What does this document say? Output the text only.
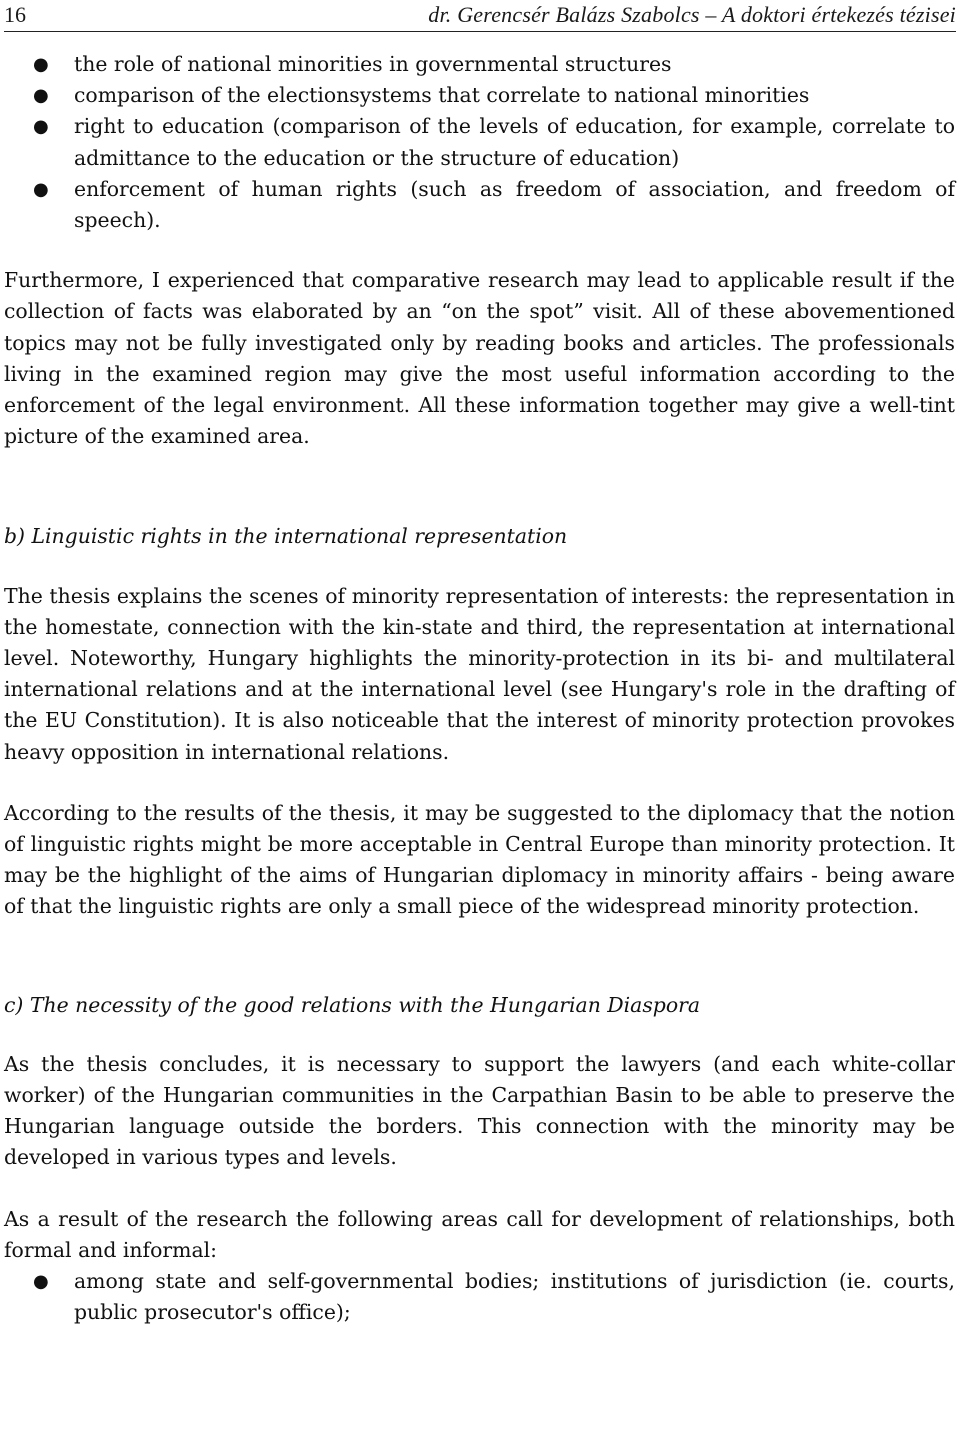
16	dr. Gerencsér Balázs Szabolcs – A doktori értekezés tézisei
● the role of national minorities in governmental structures
● comparison of the electionsystems that correlate to national minorities
● right to education (comparison of the levels of education, for example, correlate to admittance to the education or the structure of education)
● enforcement of human rights (such as freedom of association, and freedom of speech).

Furthermore, I experienced that comparative research may lead to applicable result if the collection of facts was elaborated by an “on the spot” visit. All of these abovementioned topics may not be fully investigated only by reading books and articles. The professionals living in the examined region may give the most useful information according to the enforcement of the legal environment. All these information together may give a well-tint picture of the examined area.

b) Linguistic rights in the international representation

The thesis explains the scenes of minority representation of interests: the representation in the homestate, connection with the kin-state and third, the representation at international level. Noteworthy, Hungary highlights the minority-protection in its bi- and multilateral international relations and at the international level (see Hungary's role in the drafting of the EU Constitution). It is also noticeable that the interest of minority protection provokes heavy opposition in international relations.

According to the results of the thesis, it may be suggested to the diplomacy that the notion of linguistic rights might be more acceptable in Central Europe than minority protection. It may be the highlight of the aims of Hungarian diplomacy in minority affairs - being aware of that the linguistic rights are only a small piece of the widespread minority protection.

c) The necessity of the good relations with the Hungarian Diaspora

As the thesis concludes, it is necessary to support the lawyers (and each white-collar worker) of the Hungarian communities in the Carpathian Basin to be able to preserve the Hungarian language outside the borders. This connection with the minority may be developed in various types and levels.

As a result of the research the following areas call for development of relationships, both formal and informal:

● among state and self-governmental bodies; institutions of jurisdiction (ie. courts, public prosecutor's office);
